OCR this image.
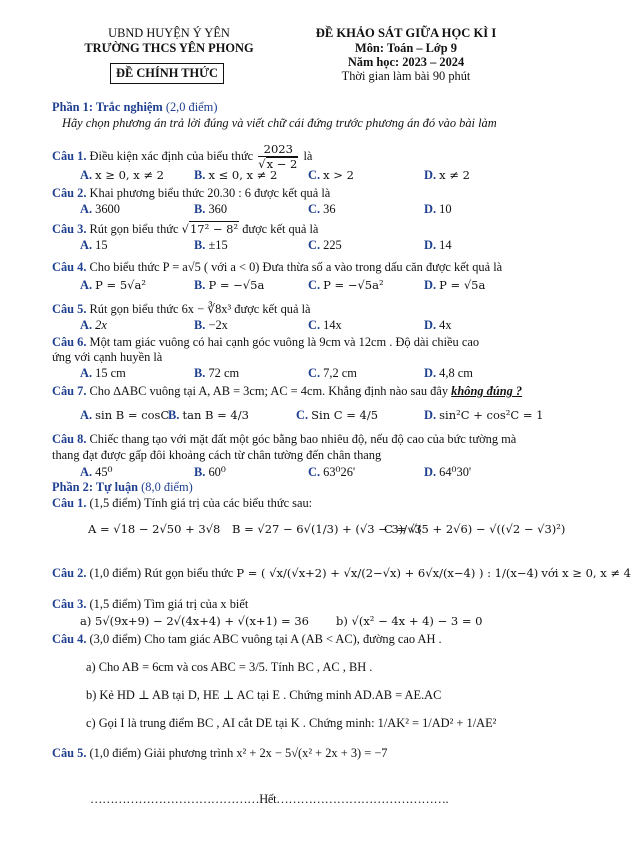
UBND HUYỆN Ý YÊN
TRƯỜNG THCS YÊN PHONG
ĐỀ CHÍNH THỨC
ĐỀ KHẢO SÁT GIỮA HỌC KÌ I
Môn: Toán – Lớp 9
Năm học: 2023 – 2024
Thời gian làm bài 90 phút
Phần 1: Trắc nghiệm (2,0 điểm)
Hãy chọn phương án trả lời đúng và viết chữ cái đứng trước phương án đó vào bài làm
Câu 1. Điều kiện xác định của biểu thức $\frac{2023}{√x - 2}$ là
A. x ≥ 0, x ≠ 2 B. x ≤ 0, x ≠ 2 C. x > 2	D. x ≠ 2
Câu 2. Khai phương biểu thức 20.30 : 6 được kết quả là
A. 3600	B. 360	C. 36	D. 10
Câu 3. Rút gọn biểu thức √17² − 8² được kết quả là
A. 15	B. ±15	C. 225	D. 14
Câu 4. Cho biểu thức P = a√5 ( với a < 0) Đưa thừa số a vào trong dấu căn được kết quả là
A. P = 5√a²	B. P = −√5a	C. P = −√5a²	D. P = √5a
Câu 5. Rút gọn biểu thức 6x − ∛8x³ được kết quả là
A. 2x	B. −2x	C. 14x	D. 4x
Câu 6. Một tam giác vuông có hai cạnh góc vuông là 9cm và 12cm . Độ dài chiều cao
ứng với cạnh huyền là
A. 15 cm	B. 72 cm	C. 7,2 cm	D. 4,8 cm
Câu 7. Cho ∆ABC vuông tại A, AB = 3cm; AC = 4cm. Khẳng định nào sau đây không đúng ?
A. sin B = cosC
B. tan B = 4/3	C. Sin C = 4/5	D. sin²C + cos²C = 1
Câu 8. Chiếc thang tạo với mặt đất một góc bằng bao nhiêu độ, nếu độ cao của bức tường mà
thang đạt được gấp đôi khoảng cách từ chân tường đến chân thang
A. 45⁰	B. 60⁰	C. 63⁰26'	D. 64⁰30'
Phần 2: Tự luận (8,0 điểm)
Câu 1. (1,5 điểm) Tính giá trị của các biểu thức sau:
A = √18 − 2√50 + 3√8 B = √27 − 6√(1/3) + (√3 − 3)/√3
C = √(5 + 2√6) − √((√2 − √3)²)
Câu 2. (1,0 điểm) Rút gọn biểu thức P = ( √x/(√x+2) + √x/(2−√x) + 6√x/(x−4) ) : 1/(x−4) với x ≥ 0, x ≠ 4
Câu 3. (1,5 điểm) Tìm giá trị của x biết
a) 5√(9x+9) − 2√(4x+4) + √(x+1) = 36 b) √(x² − 4x + 4) − 3 = 0
Câu 4. (3,0 điểm) Cho tam giác ABC vuông tại A (AB < AC), đường cao AH .
a) Cho AB = 6cm và cos ABC = 3/5. Tính BC , AC , BH .
b) Kẻ HD ⊥ AB tại D, HE ⊥ AC tại E . Chứng minh AD.AB = AE.AC
c) Gọi I là trung điểm BC , AI cắt DE tại K . Chứng minh: 1/AK² = 1/AD² + 1/AE²
Câu 5. (1,0 điểm) Giải phương trình x² + 2x − 5√(x² + 2x + 3) = −7
……………………………………Hết…………………………………….
